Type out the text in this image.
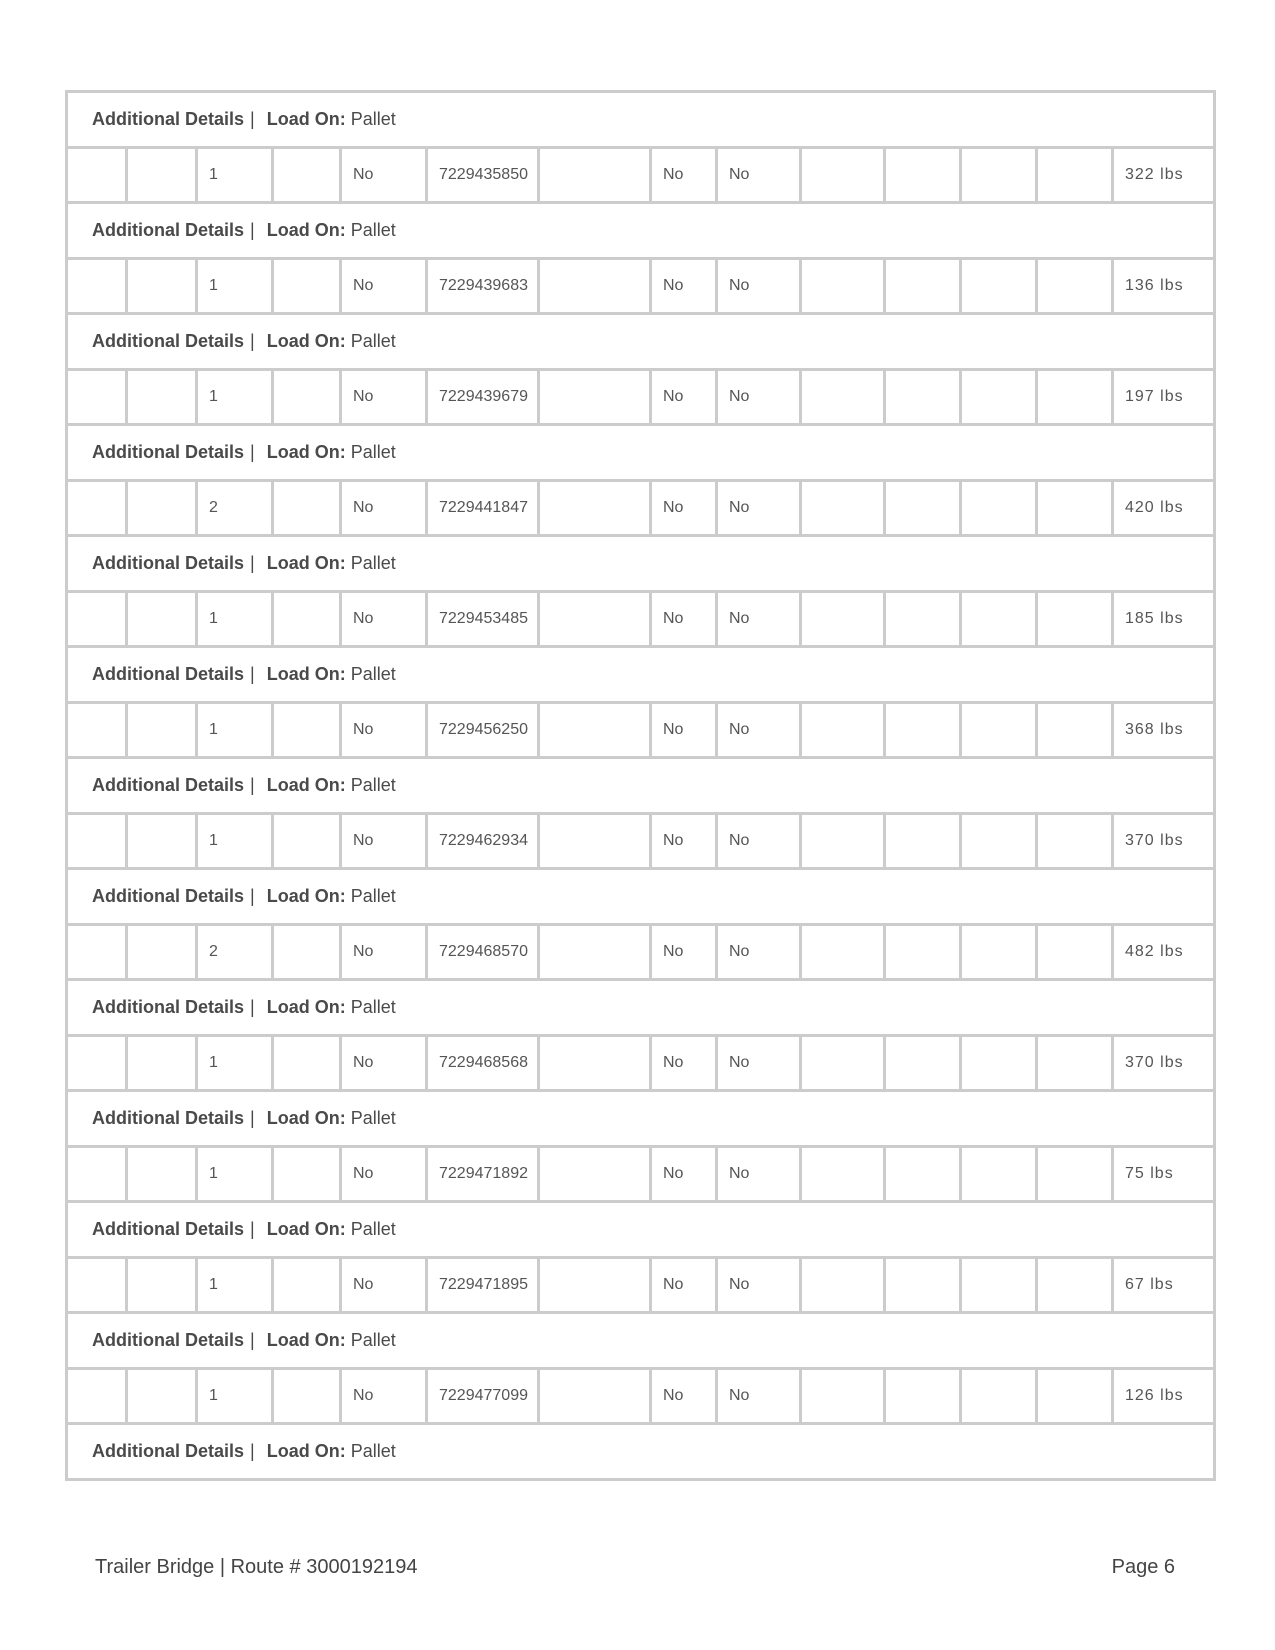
Additional Details | Load On: Pallet													
		1		No	7229435850		No	No					322 lbs
Additional Details | Load On: Pallet													
		1		No	7229439683		No	No					136 lbs
Additional Details | Load On: Pallet													
		1		No	7229439679		No	No					197 lbs
Additional Details | Load On: Pallet													
		2		No	7229441847		No	No					420 lbs
Additional Details | Load On: Pallet													
		1		No	7229453485		No	No					185 lbs
Additional Details | Load On: Pallet													
		1		No	7229456250		No	No					368 lbs
Additional Details | Load On: Pallet													
		1		No	7229462934		No	No					370 lbs
Additional Details | Load On: Pallet													
		2		No	7229468570		No	No					482 lbs
Additional Details | Load On: Pallet													
		1		No	7229468568		No	No					370 lbs
Additional Details | Load On: Pallet													
		1		No	7229471892		No	No					75 lbs
Additional Details | Load On: Pallet													
		1		No	7229471895		No	No					67 lbs
Additional Details | Load On: Pallet													
		1		No	7229477099		No	No					126 lbs
Additional Details | Load On: Pallet													
Trailer Bridge | Route # 3000192194	Page 6
